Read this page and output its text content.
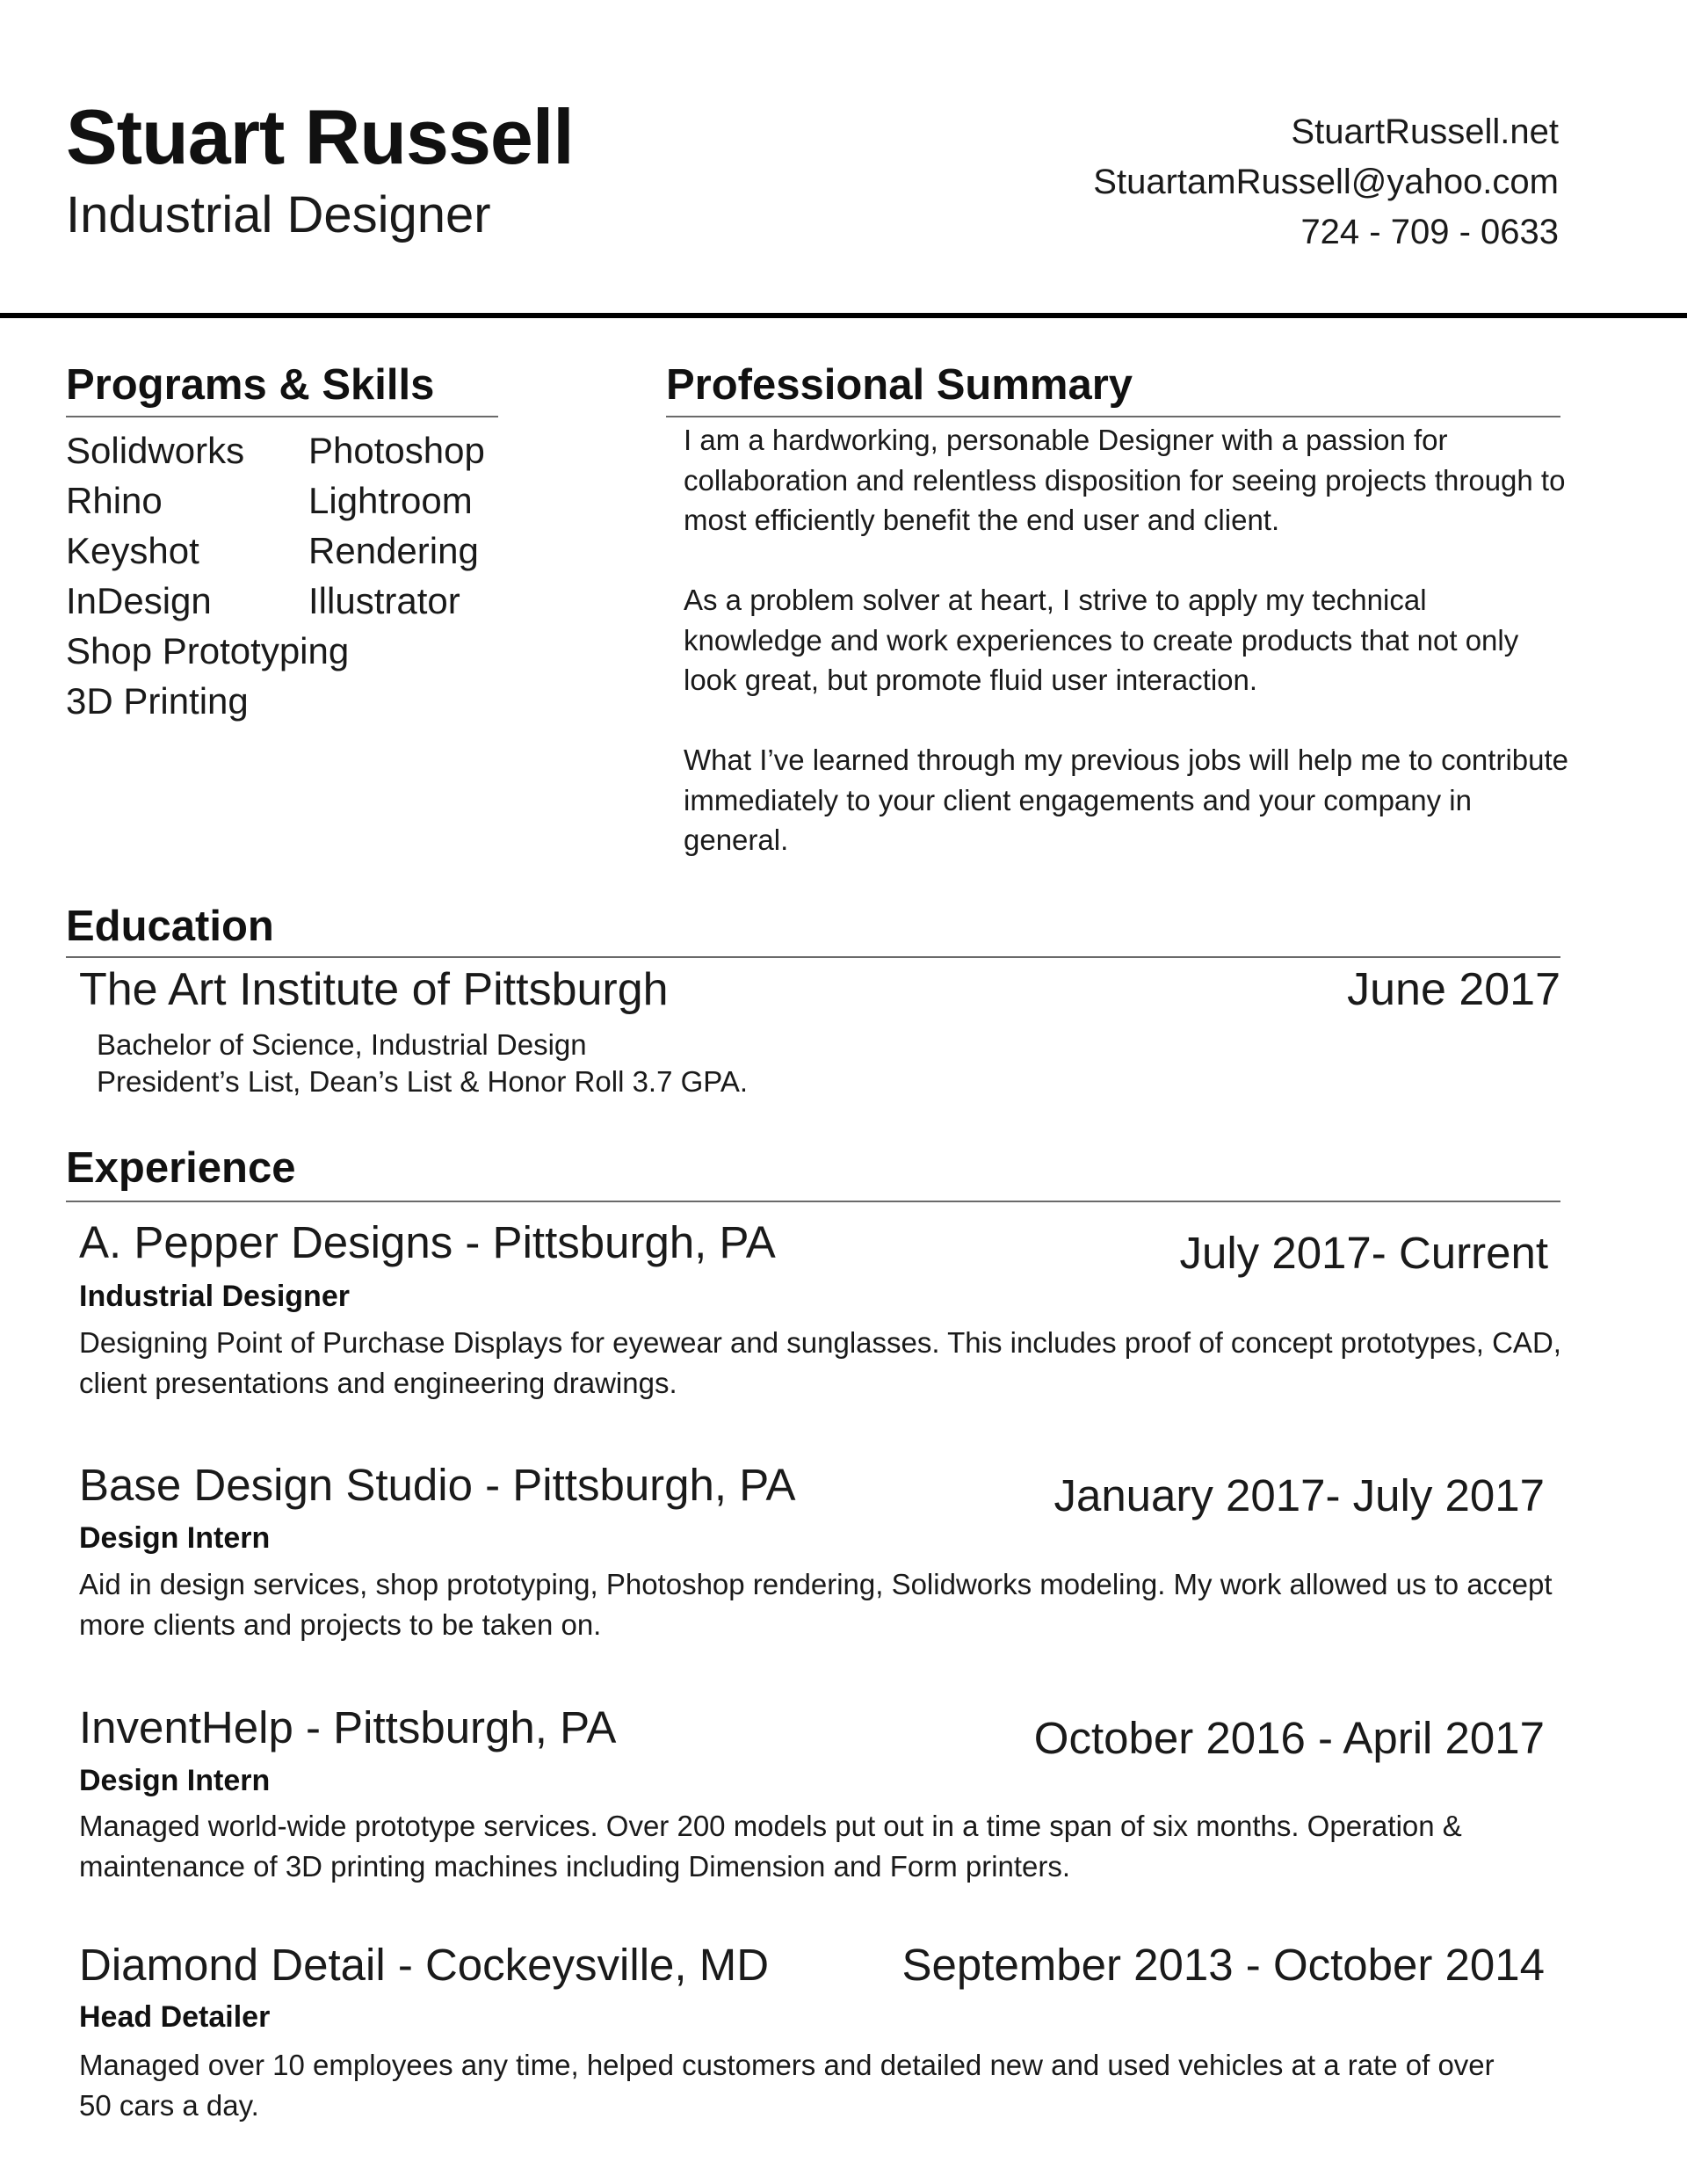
Stuart Russell
Industrial Designer
StuartRussell.net
StuartamRussell@yahoo.com
724 - 709 - 0633
Programs & Skills
Solidworks	Photoshop
Rhino	Lightroom
Keyshot	Rendering
InDesign	Illustrator
Shop Prototyping
3D Printing
Professional Summary

I am a hardworking, personable Designer with a passion for collaboration and relentless disposition for seeing projects through to most efficiently benefit the end user and client.

As a problem solver at heart, I strive to apply my technical knowledge and work experiences to create products that not only look great, but promote fluid user interaction.

What I’ve learned through my previous jobs will help me to contribute immediately to your client engagements and your company in general.

Education
The Art Institute of Pittsburgh	June 2017
Bachelor of Science, Industrial Design
President’s List, Dean’s List & Honor Roll 3.7 GPA.
Experience
A. Pepper Designs - Pittsburgh, PA	July 2017- Current
Industrial Designer
Designing Point of Purchase Displays for eyewear and sunglasses. This includes proof of concept prototypes, CAD, client presentations and engineering drawings.
Base Design Studio - Pittsburgh, PA	January 2017- July 2017
Design Intern
Aid in design services, shop prototyping, Photoshop rendering, Solidworks modeling. My work allowed us to accept more clients and projects to be taken on.
InventHelp - Pittsburgh, PA	October 2016 - April 2017
Design Intern
Managed world-wide prototype services. Over 200 models put out in a time span of six months. Operation & maintenance of 3D printing machines including Dimension and Form printers.
Diamond Detail - Cockeysville, MD	September 2013 - October 2014
Head Detailer
Managed over 10 employees any time, helped customers and detailed new and used vehicles at a rate of over 50 cars a day.
